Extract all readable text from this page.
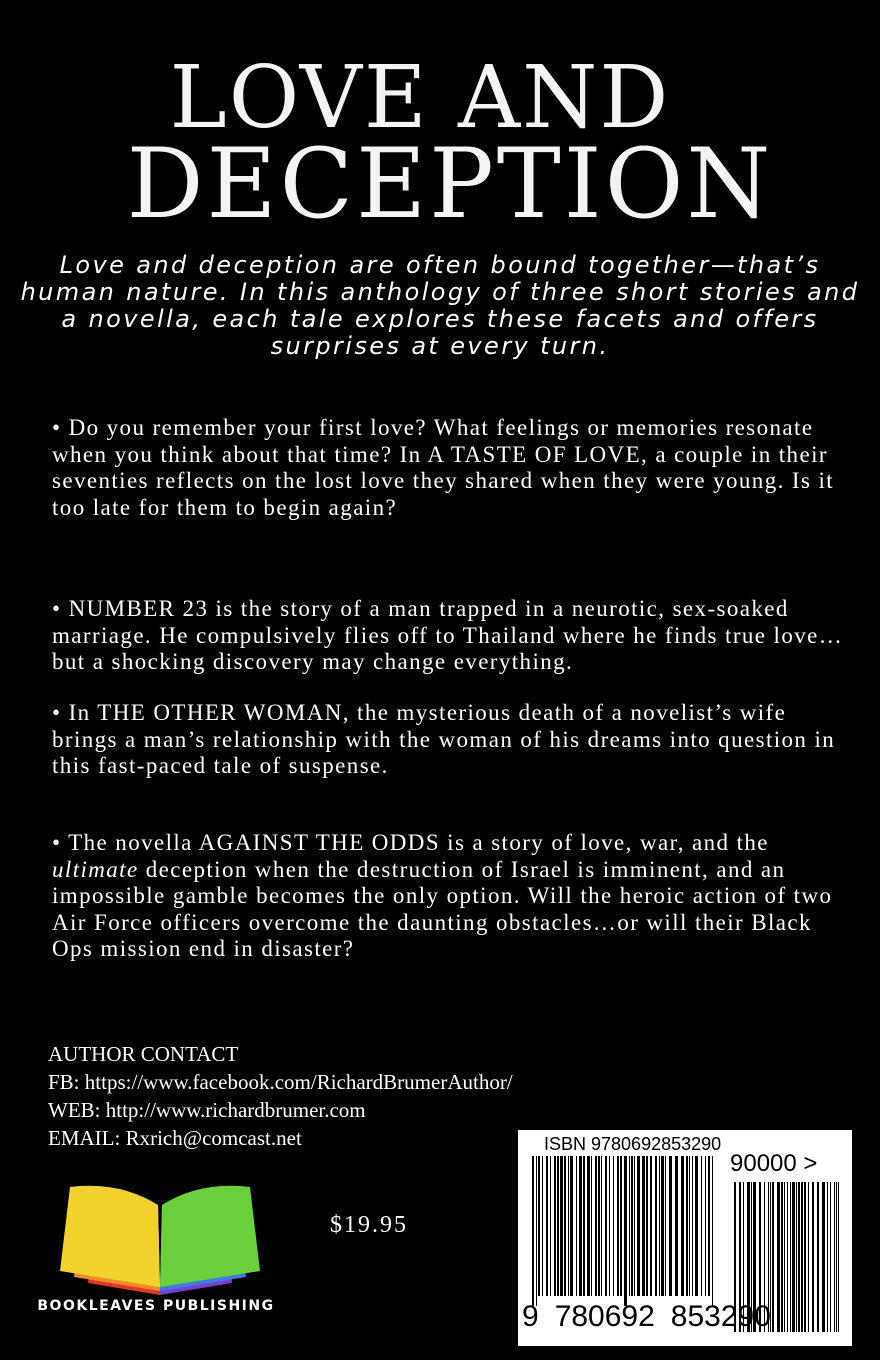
LOVE AND
DECEPTION
Love and deception are often bound together—that’s human nature. In this anthology of three short stories and a novella, each tale explores these facets and offers surprises at every turn.
• Do you remember your first love? What feelings or memories resonate when you think about that time? In A TASTE OF LOVE, a couple in their seventies reflects on the lost love they shared when they were young. Is it too late for them to begin again?
• NUMBER 23 is the story of a man trapped in a neurotic, sex-soaked marriage. He compulsively flies off to Thailand where he finds true love…but a shocking discovery may change everything.
• In THE OTHER WOMAN, the mysterious death of a novelist’s wife brings a man’s relationship with the woman of his dreams into question in this fast-paced tale of suspense.
• The novella AGAINST THE ODDS is a story of love, war, and the ultimate deception when the destruction of Israel is imminent, and an impossible gamble becomes the only option. Will the heroic action of two Air Force officers overcome the daunting obstacles…or will their Black Ops mission end in disaster?
AUTHOR CONTACT
FB: https://www.facebook.com/RichardBrumerAuthor/
WEB: http://www.richardbrumer.com
EMAIL: Rxrich@comcast.net
BOOKLEAVES PUBLISHING
$19.95
ISBN 9780692853290
90000 >
9 780692 853290
